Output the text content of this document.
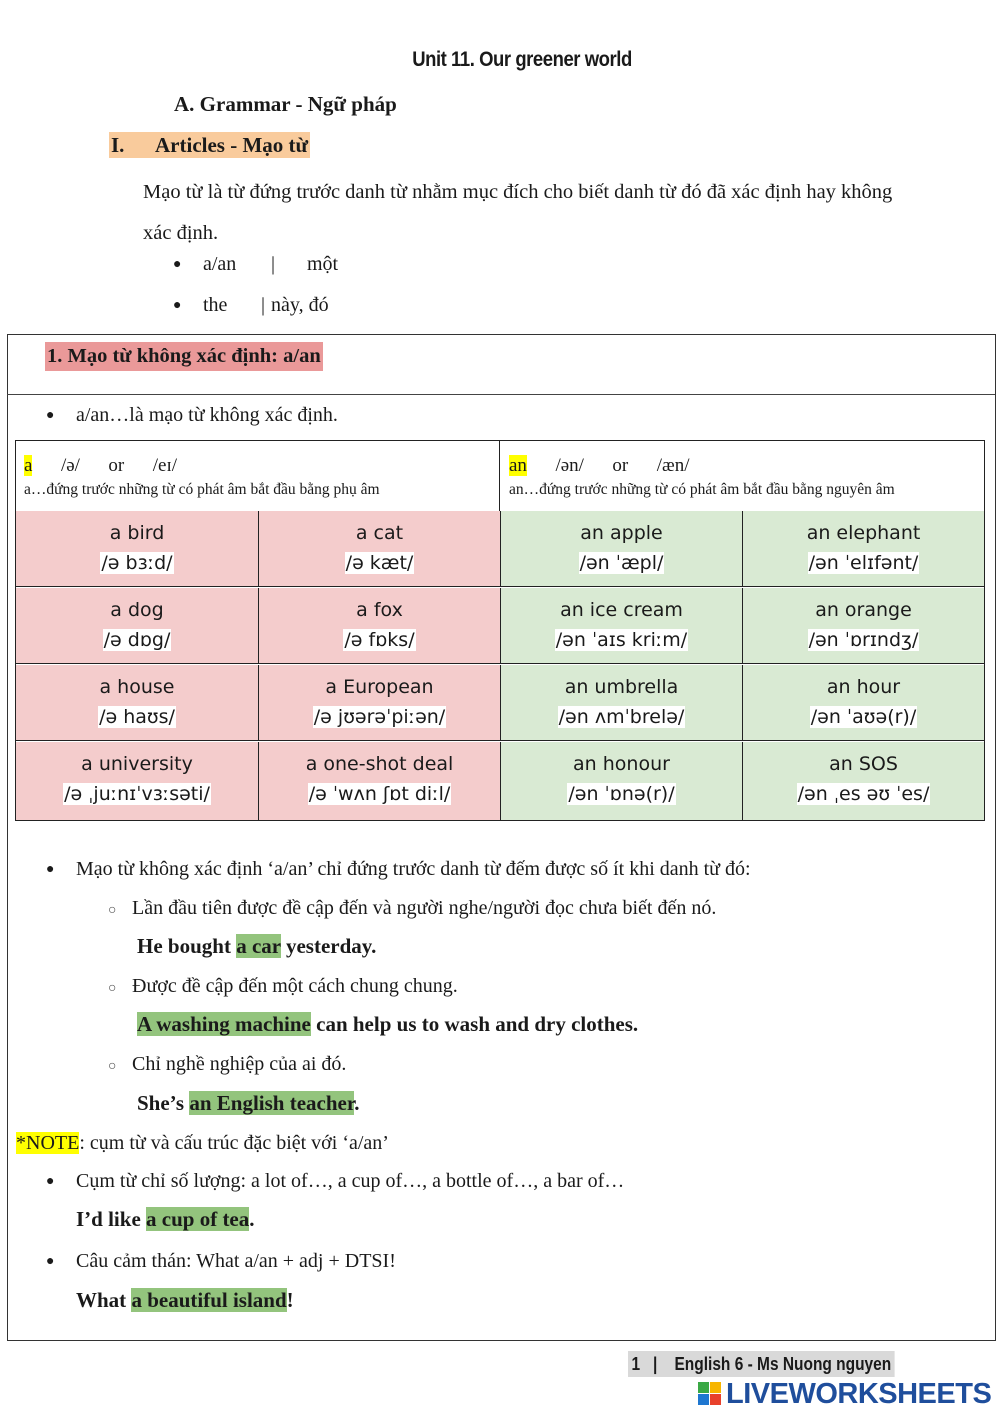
Unit 11. Our greener world
A. Grammar - Ngữ pháp
I. Articles - Mạo từ
Mạo từ là từ đứng trước danh từ nhằm mục đích cho biết danh từ đó đã xác định hay không xác định.
● a/an | một
● the | này, đó
1. Mạo từ không xác định: a/an
● a/an…là mạo từ không xác định.
a /ə/      or      /eɪ/
a…đứng trước những từ có phát âm bắt đầu bằng phụ âm
an /ən/      or      /æn/
an…đứng trước những từ có phát âm bắt đầu bằng nguyên âm
a bird
/ə bɜːd/
a cat
/ə kæt/
an apple
/ən ˈæpl/
an elephant
/ən ˈelɪfənt/
a dog
/ə dɒg/
a fox
/ə fɒks/
an ice cream
/ən ˈaɪs kriːm/
an orange
/ən ˈɒrɪndʒ/
a house
/ə haʊs/
a European
/ə jʊərəˈpiːən/
an umbrella
/ən ʌmˈbrelə/
an hour
/ən ˈaʊə(r)/
a university
/ə ˌjuːnɪˈvɜːsəti/
a one-shot deal
/ə ˈwʌn ʃɒt diːl/
an honour
/ən ˈɒnə(r)/
an SOS
/ən ˌes əʊ ˈes/
● Mạo từ không xác định ‘a/an’ chỉ đứng trước danh từ đếm được số ít khi danh từ đó:
○ Lần đầu tiên được đề cập đến và người nghe/người đọc chưa biết đến nó.
He bought a car yesterday.
○ Được đề cập đến một cách chung chung.
A washing machine can help us to wash and dry clothes.
○ Chỉ nghề nghiệp của ai đó.
She’s an English teacher.
*NOTE: cụm từ và cấu trúc đặc biệt với ‘a/an’
● Cụm từ chỉ số lượng: a lot of…, a cup of…, a bottle of…, a bar of…
I’d like a cup of tea.
● Câu cảm thán: What a/an + adj + DTSI!
What a beautiful island!
1   |    English 6 - Ms Nuong nguyen
LIVEWORKSHEETS
